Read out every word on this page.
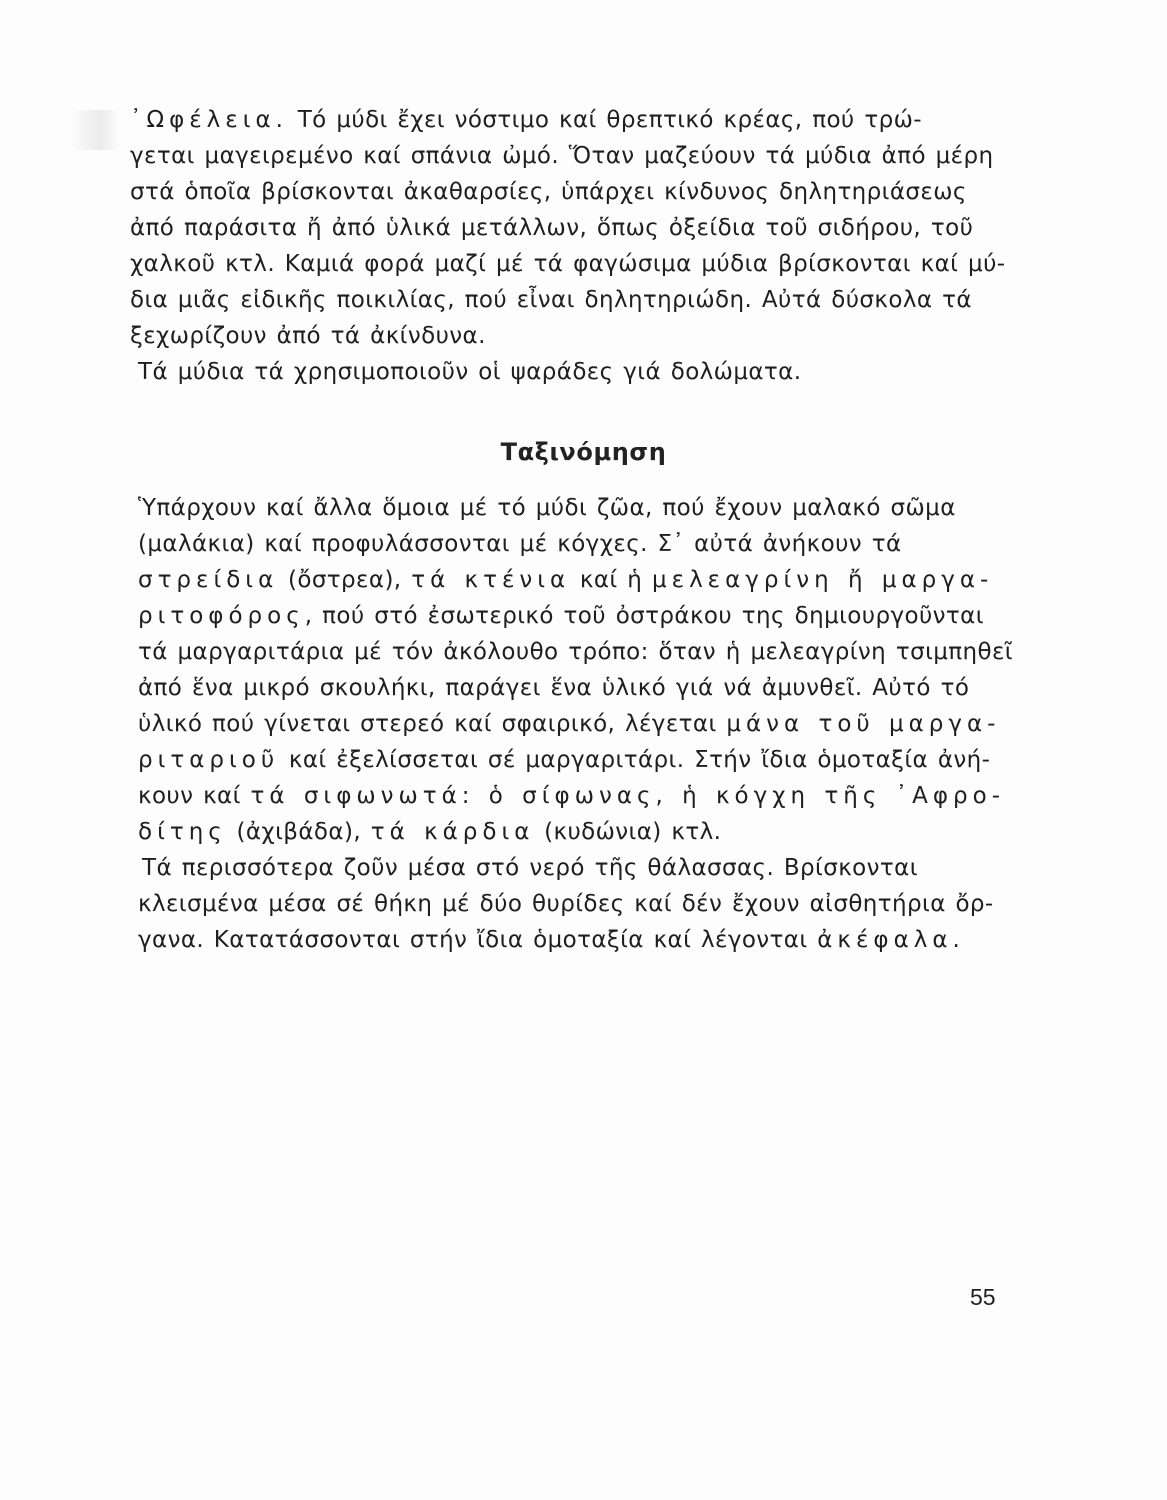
᾿Ωφέλεια. Τό μύδι ἔχει νόστιμο καί θρεπτικό κρέας, πού τρώ-
γεται μαγειρεμένο καί σπάνια ὠμό. Ὅταν μαζεύουν τά μύδια ἀπό μέρη
στά ὁποῖα βρίσκονται ἀκαθαρσίες, ὑπάρχει κίνδυνος δηλητηριάσεως
ἀπό παράσιτα ἤ ἀπό ὑλικά μετάλλων, ὅπως ὀξείδια τοῦ σιδήρου, τοῦ
χαλκοῦ κτλ. Καμιά φορά μαζί μέ τά φαγώσιμα μύδια βρίσκονται καί μύ-
δια μιᾶς εἰδικῆς ποικιλίας, πού εἶναι δηλητηριώδη. Αὐτά δύσκολα τά
ξεχωρίζουν ἀπό τά ἀκίνδυνα.
Τά μύδια τά χρησιμοποιοῦν οἱ ψαράδες γιά δολώματα.
Ταξινόμηση
Ὑπάρχουν καί ἄλλα ὅμοια μέ τό μύδι ζῶα, πού ἔχουν μαλακό σῶμα
(μαλάκια) καί προφυλάσσονται μέ κόγχες. Σ᾿ αὐτά ἀνήκουν τά
στρείδια (ὄστρεα), τά κτένια καί ἡ μελεαγρίνη ἤ μαργα-
ριτοφόρος, πού στό ἐσωτερικό τοῦ ὀστράκου της δημιουργοῦνται
τά μαργαριτάρια μέ τόν ἀκόλουθο τρόπο: ὅταν ἡ μελεαγρίνη τσιμπηθεῖ
ἀπό ἕνα μικρό σκουλήκι, παράγει ἕνα ὑλικό γιά νά ἀμυνθεῖ. Αὐτό τό
ὑλικό πού γίνεται στερεό καί σφαιρικό, λέγεται μάνα τοῦ μαργα-
ριταριοῦ καί ἐξελίσσεται σέ μαργαριτάρι. Στήν ἴδια ὁμοταξία ἀνή-
κουν καί τά σιφωνωτά: ὁ σίφωνας, ἡ κόγχη τῆς ᾿Αφρο-
δίτης (ἀχιβάδα), τά κάρδια (κυδώνια) κτλ.
Τά περισσότερα ζοῦν μέσα στό νερό τῆς θάλασσας. Βρίσκονται
κλεισμένα μέσα σέ θήκη μέ δύο θυρίδες καί δέν ἔχουν αἰσθητήρια ὄρ-
γανα. Κατατάσσονται στήν ἴδια ὁμοταξία καί λέγονται ἀκέφαλα.
55
